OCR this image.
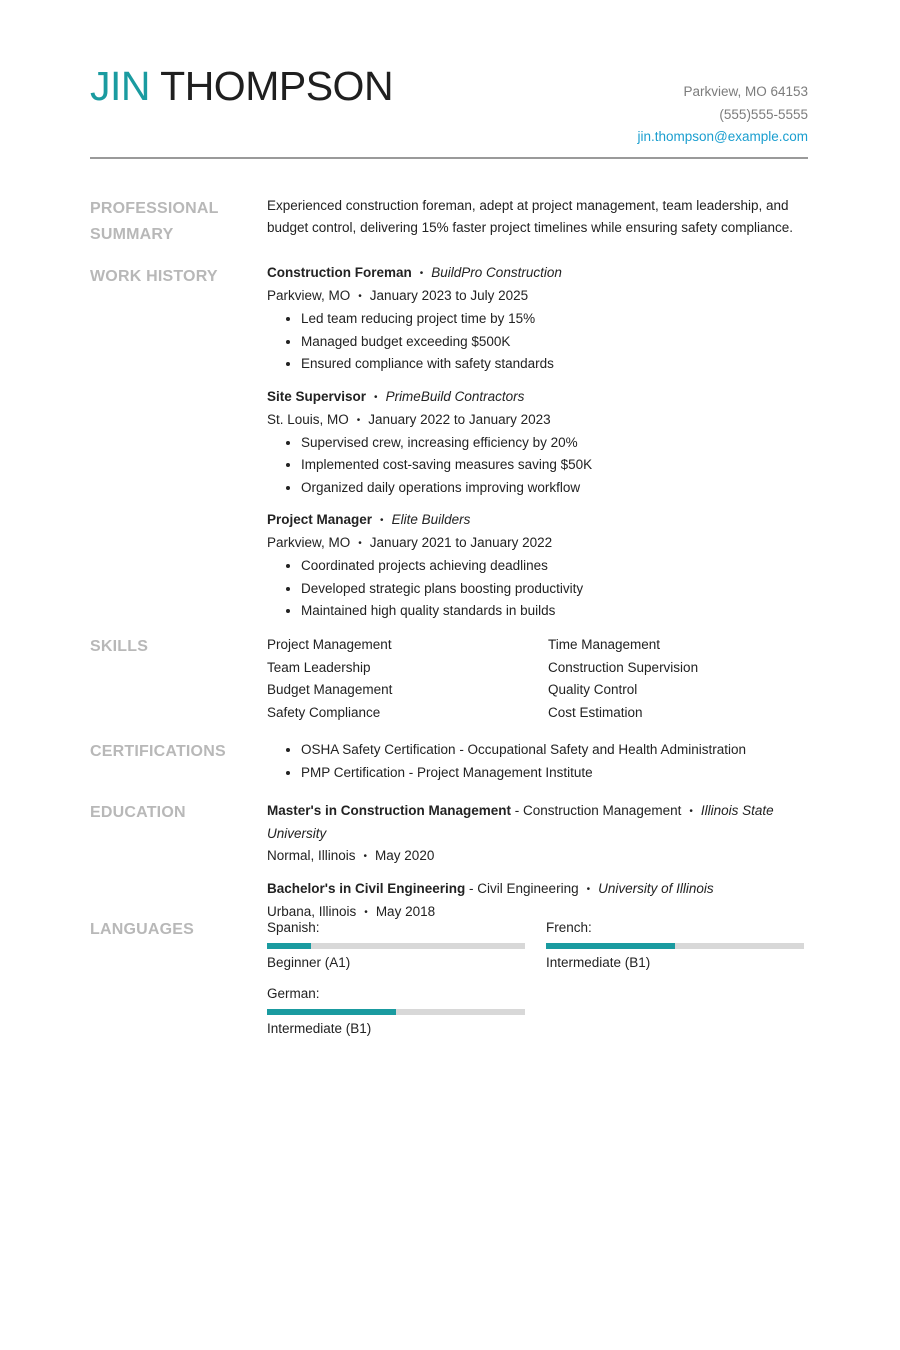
JIN THOMPSON	Parkview, MO 64153
(555)555-5555
jin.thompson@example.com
PROFESSIONAL SUMMARY
Experienced construction foreman, adept at project management, team leadership, and budget control, delivering 15% faster project timelines while ensuring safety compliance.
WORK HISTORY	Construction Foreman • BuildPro Construction
Parkview, MO • January 2023 to July 2025
• Led team reducing project time by 15%
• Managed budget exceeding $500K
• Ensured compliance with safety standards
Site Supervisor • PrimeBuild Contractors
St. Louis, MO • January 2022 to January 2023
• Supervised crew, increasing efficiency by 20%
• Implemented cost-saving measures saving $50K
• Organized daily operations improving workflow
Project Manager • Elite Builders
Parkview, MO • January 2021 to January 2022
• Coordinated projects achieving deadlines
• Developed strategic plans boosting productivity
• Maintained high quality standards in builds
SKILLS	Project Management	Time Management
Team Leadership	Construction Supervision
Budget Management	Quality Control
Safety Compliance	Cost Estimation
CERTIFICATIONS
•	OSHA Safety Certification - Occupational Safety and Health Administration
• PMP Certification - Project Management Institute
EDUCATION	Master's in Construction Management - Construction Management • Illinois State University
Normal, Illinois • May 2020
Bachelor's in Civil Engineering - Civil Engineering • University of Illinois
Urbana, Illinois • May 2018
LANGUAGES	Spanish:
Beginner (A1)
French:
Intermediate (B1)
German:
Intermediate (B1)
